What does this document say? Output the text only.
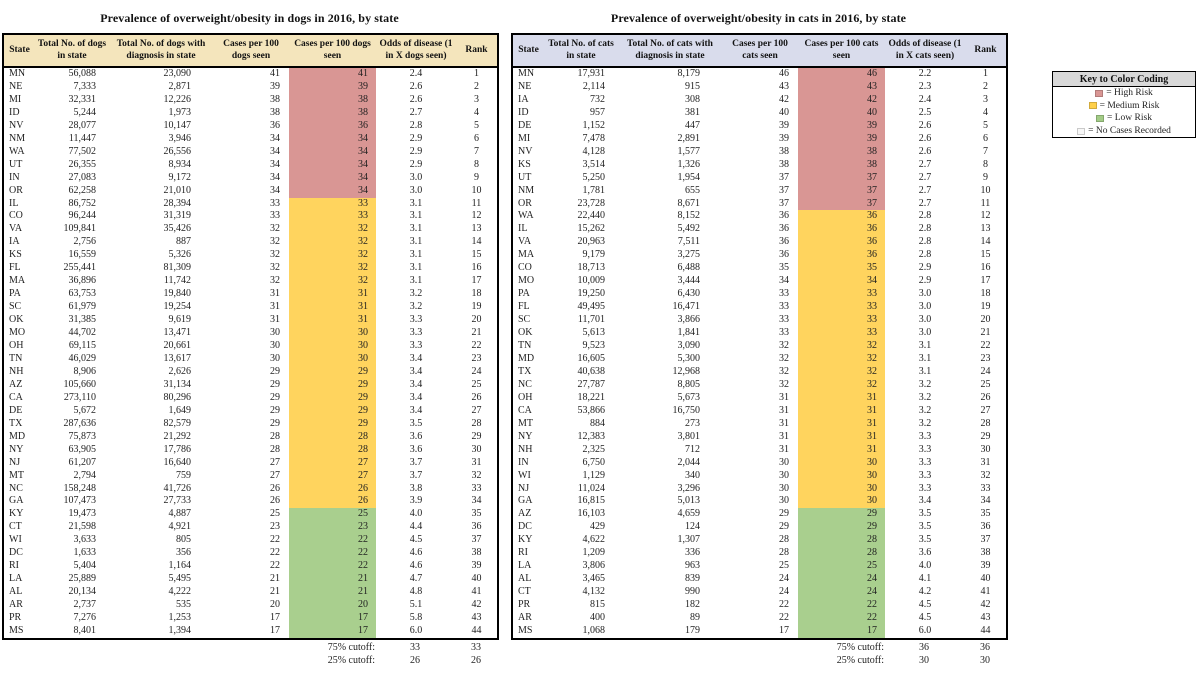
Prevalence of overweight/obesity in dogs in 2016, by state	Prevalence of overweight/obesity in cats in 2016, by state
State	Total No. of dogs in state	Total No. of dogs with diagnosis in state	Cases per 100 dogs seen	Cases per 100 dogs seen	Odds of disease (1 in X dogs seen)	Rank
MN	56,088	23,090	41	41	2.4	1
NE	7,333	2,871	39	39	2.6	2
MI	32,331	12,226	38	38	2.6	3
ID	5,244	1,973	38	38	2.7	4
NV	28,077	10,147	36	36	2.8	5
NM	11,447	3,946	34	34	2.9	6
WA	77,502	26,556	34	34	2.9	7
UT	26,355	8,934	34	34	2.9	8
IN	27,083	9,172	34	34	3.0	9
OR	62,258	21,010	34	34	3.0	10
IL	86,752	28,394	33	33	3.1	11
CO	96,244	31,319	33	33	3.1	12
VA	109,841	35,426	32	32	3.1	13
IA	2,756	887	32	32	3.1	14
KS	16,559	5,326	32	32	3.1	15
FL	255,441	81,309	32	32	3.1	16
MA	36,896	11,742	32	32	3.1	17
PA	63,753	19,840	31	31	3.2	18
SC	61,979	19,254	31	31	3.2	19
OK	31,385	9,619	31	31	3.3	20
MO	44,702	13,471	30	30	3.3	21
OH	69,115	20,661	30	30	3.3	22
TN	46,029	13,617	30	30	3.4	23
NH	8,906	2,626	29	29	3.4	24
AZ	105,660	31,134	29	29	3.4	25
CA	273,110	80,296	29	29	3.4	26
DE	5,672	1,649	29	29	3.4	27
TX	287,636	82,579	29	29	3.5	28
MD	75,873	21,292	28	28	3.6	29
NY	63,905	17,786	28	28	3.6	30
NJ	61,207	16,640	27	27	3.7	31
MT	2,794	759	27	27	3.7	32
NC	158,248	41,726	26	26	3.8	33
GA	107,473	27,733	26	26	3.9	34
KY	19,473	4,887	25	25	4.0	35
CT	21,598	4,921	23	23	4.4	36
WI	3,633	805	22	22	4.5	37
DC	1,633	356	22	22	4.6	38
RI	5,404	1,164	22	22	4.6	39
LA	25,889	5,495	21	21	4.7	40
AL	20,134	4,222	21	21	4.8	41
AR	2,737	535	20	20	5.1	42
PR	7,276	1,253	17	17	5.8	43
MS	8,401	1,394	17	17	6.0	44
	75% cutoff:	33	33
	25% cutoff:	26	26
State	Total No. of cats in state	Total No. of cats with diagnosis in state	Cases per 100 cats seen	Cases per 100 cats seen	Odds of disease (1 in X cats seen)	Rank
MN	17,931	8,179	46	46	2.2	1
NE	2,114	915	43	43	2.3	2
IA	732	308	42	42	2.4	3
ID	957	381	40	40	2.5	4
DE	1,152	447	39	39	2.6	5
MI	7,478	2,891	39	39	2.6	6
NV	4,128	1,577	38	38	2.6	7
KS	3,514	1,326	38	38	2.7	8
UT	5,250	1,954	37	37	2.7	9
NM	1,781	655	37	37	2.7	10
OR	23,728	8,671	37	37	2.7	11
WA	22,440	8,152	36	36	2.8	12
IL	15,262	5,492	36	36	2.8	13
VA	20,963	7,511	36	36	2.8	14
MA	9,179	3,275	36	36	2.8	15
CO	18,713	6,488	35	35	2.9	16
MO	10,009	3,444	34	34	2.9	17
PA	19,250	6,430	33	33	3.0	18
FL	49,495	16,471	33	33	3.0	19
SC	11,701	3,866	33	33	3.0	20
OK	5,613	1,841	33	33	3.0	21
TN	9,523	3,090	32	32	3.1	22
MD	16,605	5,300	32	32	3.1	23
TX	40,638	12,968	32	32	3.1	24
NC	27,787	8,805	32	32	3.2	25
OH	18,221	5,673	31	31	3.2	26
CA	53,866	16,750	31	31	3.2	27
MT	884	273	31	31	3.2	28
NY	12,383	3,801	31	31	3.3	29
NH	2,325	712	31	31	3.3	30
IN	6,750	2,044	30	30	3.3	31
WI	1,129	340	30	30	3.3	32
NJ	11,024	3,296	30	30	3.3	33
GA	16,815	5,013	30	30	3.4	34
AZ	16,103	4,659	29	29	3.5	35
DC	429	124	29	29	3.5	36
KY	4,622	1,307	28	28	3.5	37
RI	1,209	336	28	28	3.6	38
LA	3,806	963	25	25	4.0	39
AL	3,465	839	24	24	4.1	40
CT	4,132	990	24	24	4.2	41
PR	815	182	22	22	4.5	42
AR	400	89	22	22	4.5	43
MS	1,068	179	17	17	6.0	44
	75% cutoff:	36	36
	25% cutoff:	30	30
Key to Color Coding
= High Risk
= Medium Risk
= Low Risk
= No Cases Recorded
